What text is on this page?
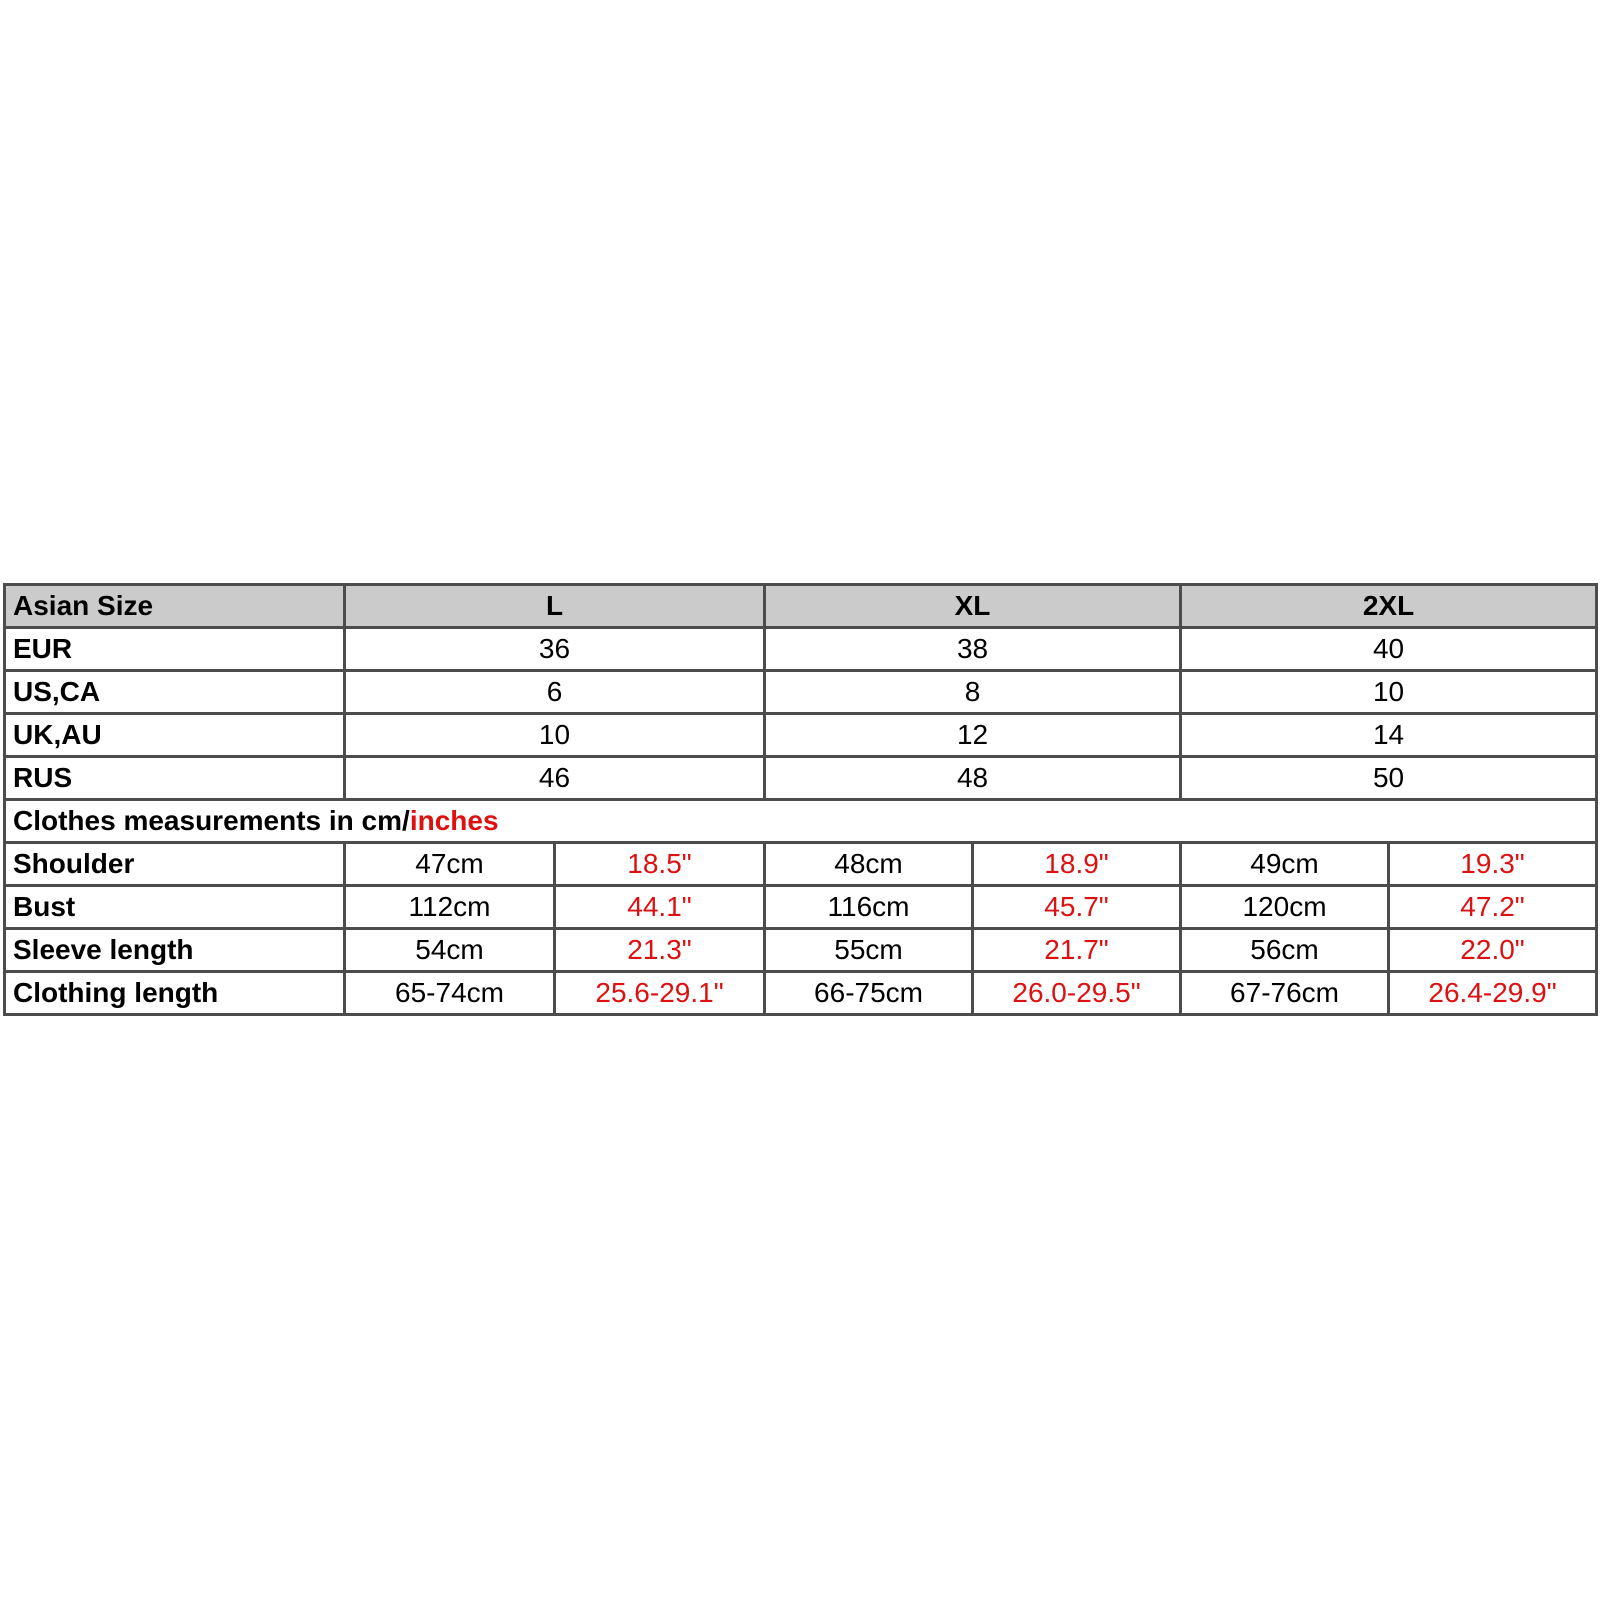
Asian Size	L		XL		2XL	
EUR	36		38		40	
US,CA	6		8		10	
UK,AU	10		12		14	
RUS	46		48		50	
Clothes measurements in cm/inches						
Shoulder	47cm	18.5"	48cm	18.9"	49cm	19.3"
Bust	112cm	44.1"	116cm	45.7"	120cm	47.2"
Sleeve length	54cm	21.3"	55cm	21.7"	56cm	22.0"
Clothing length	65-74cm	25.6-29.1"	66-75cm	26.0-29.5"	67-76cm	26.4-29.9"
